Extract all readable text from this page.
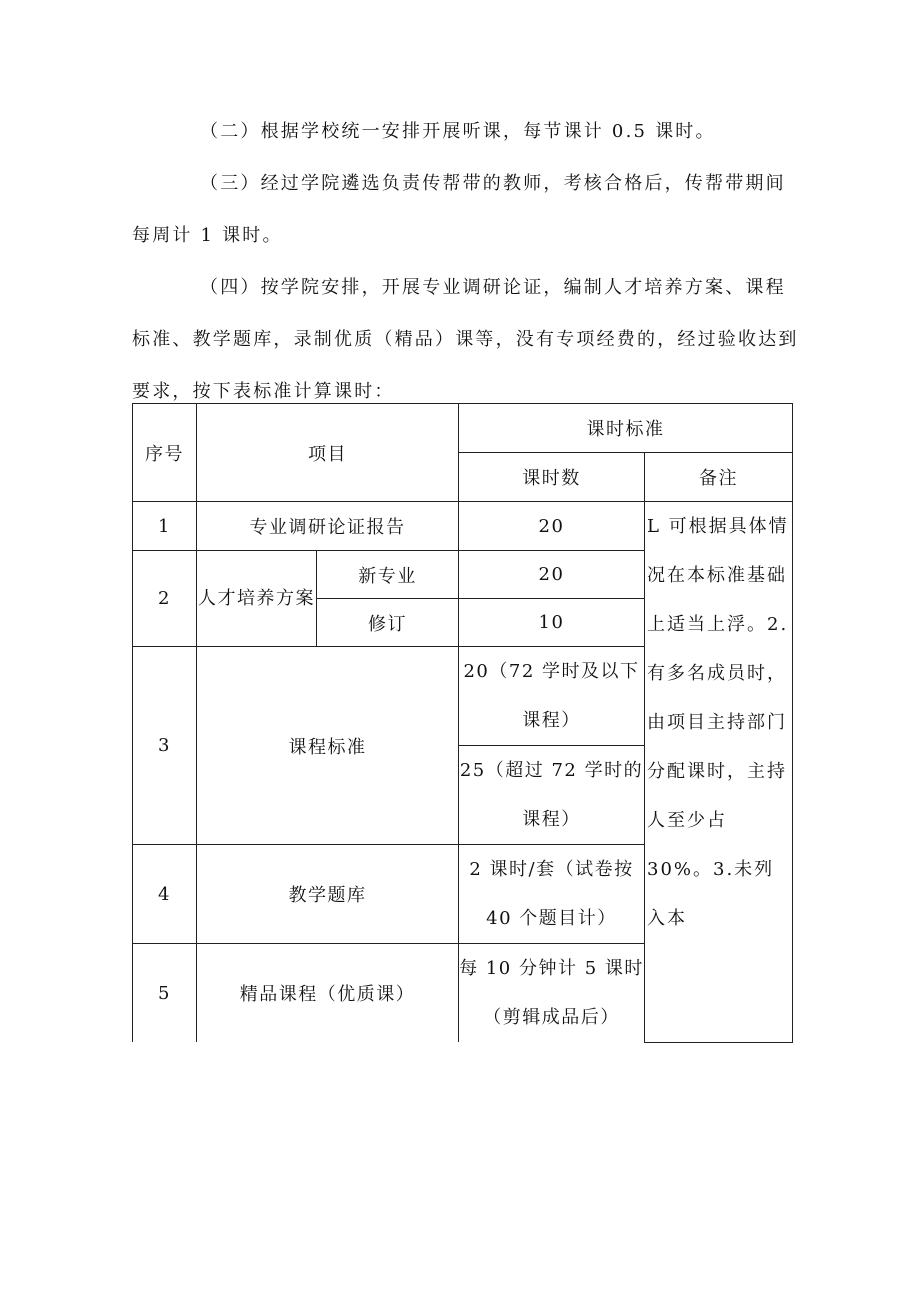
（二）根据学校统一安排开展听课，每节课计 0.5 课时。

（三）经过学院遴选负责传帮带的教师，考核合格后，传帮带期间每周计 1 课时。

（四）按学院安排，开展专业调研论证，编制人才培养方案、课程标准、教学题库，录制优质（精品）课等，没有专项经费的，经过验收达到要求，按下表标准计算课时：

序号	项目		课时标准	
			课时数	备注
1	专业调研论证报告		20	L 可根据具体情况在本标准基础上适当上浮。2. 有多名成员时，由项目主持部门分配课时，主持人至少占30%。3.未列入本
2	人才培养方案	新专业	20	
		修订	10	
3	课程标准		20（72 学时及以下课程）	
			25（超过 72 学时的课程）	
4	教学题库		2 课时/套（试卷按 40 个题目计）	
5	精品课程（优质课）		每 10 分钟计 5 课时（剪辑成品后）	
